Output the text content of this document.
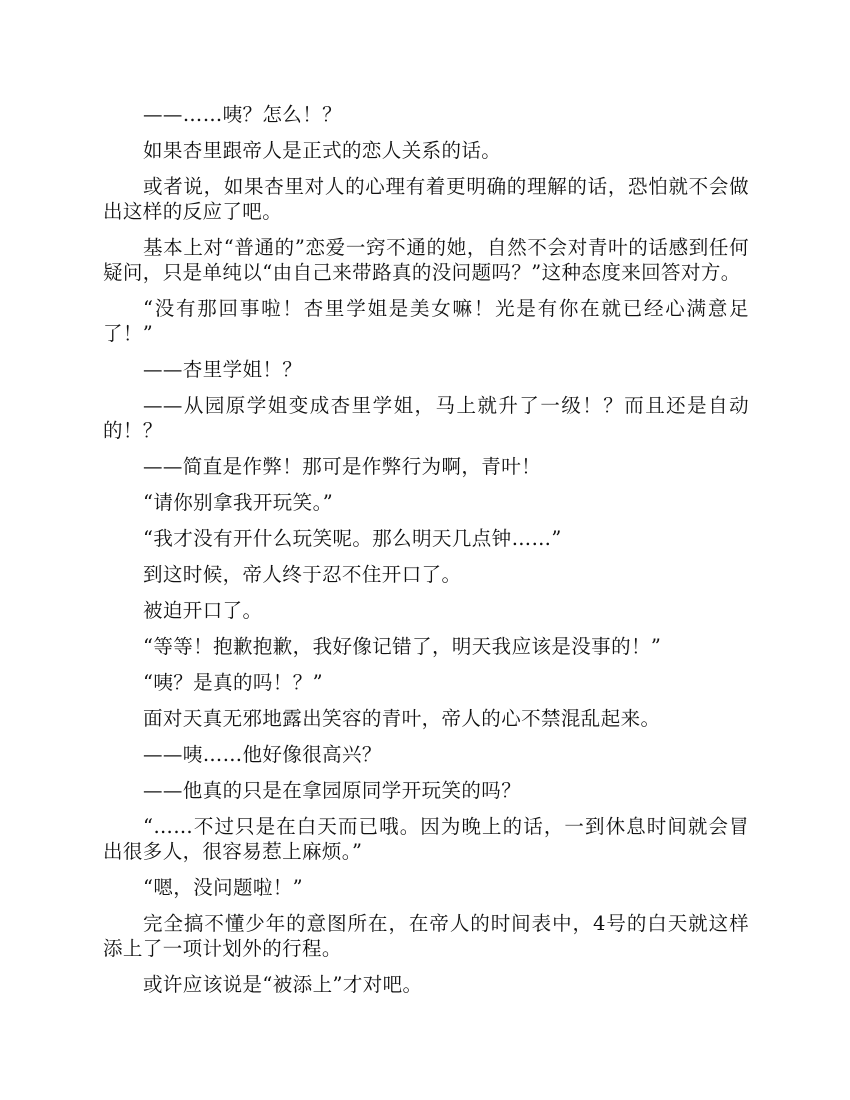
——……咦？怎么！？

如果杏里跟帝人是正式的恋人关系的话。

或者说，如果杏里对人的心理有着更明确的理解的话，恐怕就不会做出这样的反应了吧。

基本上对“普通的”恋爱一窍不通的她，自然不会对青叶的话感到任何疑问，只是单纯以“由自己来带路真的没问题吗？”这种态度来回答对方。

“没有那回事啦！杏里学姐是美女嘛！光是有你在就已经心满意足了！”

——杏里学姐！？

——从园原学姐变成杏里学姐，马上就升了一级！？而且还是自动的！？

——简直是作弊！那可是作弊行为啊，青叶！

“请你别拿我开玩笑。”

“我才没有开什么玩笑呢。那么明天几点钟……”

到这时候，帝人终于忍不住开口了。

被迫开口了。

“等等！抱歉抱歉，我好像记错了，明天我应该是没事的！”

“咦？是真的吗！？”

面对天真无邪地露出笑容的青叶，帝人的心不禁混乱起来。

——咦……他好像很高兴？

——他真的只是在拿园原同学开玩笑的吗？

“……不过只是在白天而已哦。因为晚上的话，一到休息时间就会冒出很多人，很容易惹上麻烦。”

“嗯，没问题啦！”

完全搞不懂少年的意图所在，在帝人的时间表中，4号的白天就这样添上了一项计划外的行程。

或许应该说是“被添上”才对吧。
